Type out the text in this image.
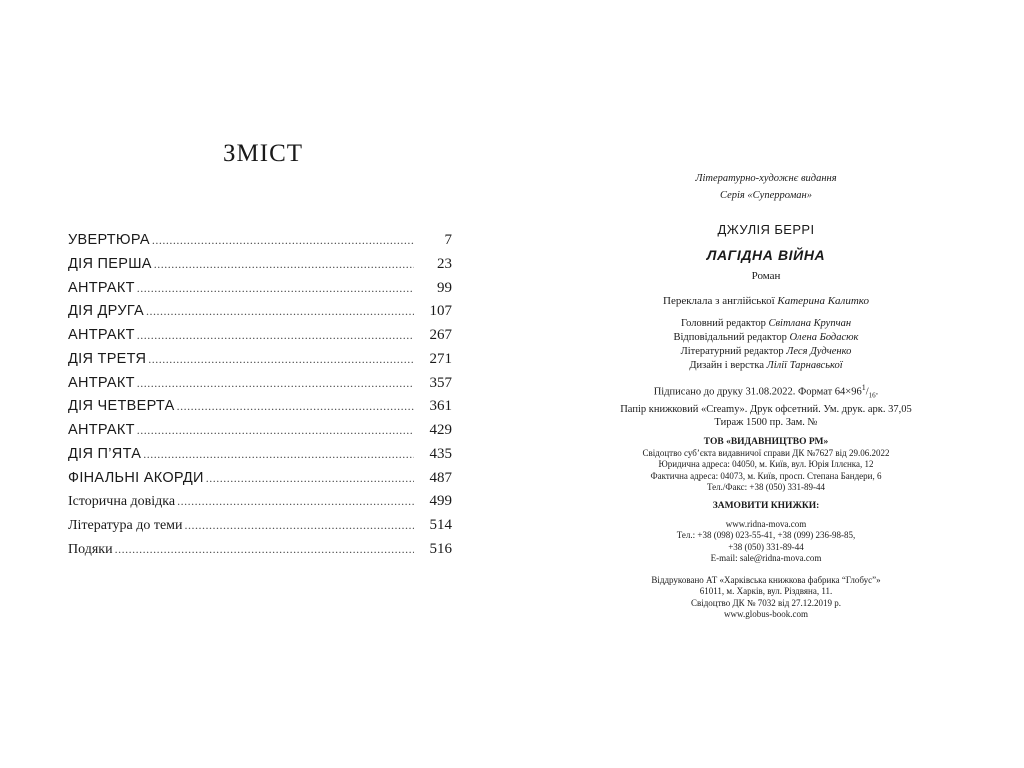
ЗМІСТ
УВЕРТЮРА .....	7
ДІЯ ПЕРША .....	23
АНТРАКТ .....	99
ДІЯ ДРУГА .....	107
АНТРАКТ .....	267
ДІЯ ТРЕТЯ .....	271
АНТРАКТ .....	357
ДІЯ ЧЕТВЕРТА .....	361
АНТРАКТ .....	429
ДІЯ П’ЯТА .....	435
ФІНАЛЬНІ АКОРДИ .....	487
Історична довідка .....	499
Література до теми .....	514
Подяки .....	516
Літературно-художнє видання
Серія «Суперроман»
ДЖУЛІЯ БЕРРІ
ЛАГІДНА ВІЙНА
Роман
Переклала з англійської Катерина Калитко
Головний редактор Світлана Крупчан
Відповідальний редактор Олена Бодасюк
Літературний редактор Леся Дудченко
Дизайн і верстка Лілії Тарнавської
Підписано до друку 31.08.2022. Формат $64\times 96^1/_{16}$.
Папір книжковий «Creamy». Друк офсетний. Ум. друк. арк. 37,05
Тираж 1500 пр. Зам. №
ТОВ «ВИДАВНИЦТВО РМ»
Свідоцтво суб’єкта видавничої справи ДК №7627 від 29.06.2022
Юридична адреса: 04050, м. Київ, вул. Юрія Іллєнка, 12
Фактична адреса: 04073, м. Київ, просп. Степана Бандери, 6
Тел./Факс: +38 (050) 331-89-44
ЗАМОВИТИ КНИЖКИ:
www.ridna-mova.com
Тел.: +38 (098) 023-55-41, +38 (099) 236-98-85,
+38 (050) 331-89-44
E-mail: sale@ridna-mova.com
Віддруковано АТ «Харківська книжкова фабрика “Глобус”»
61011, м. Харків, вул. Різдвяна, 11.
Свідоцтво ДК № 7032 від 27.12.2019 р.
www.globus-book.com
